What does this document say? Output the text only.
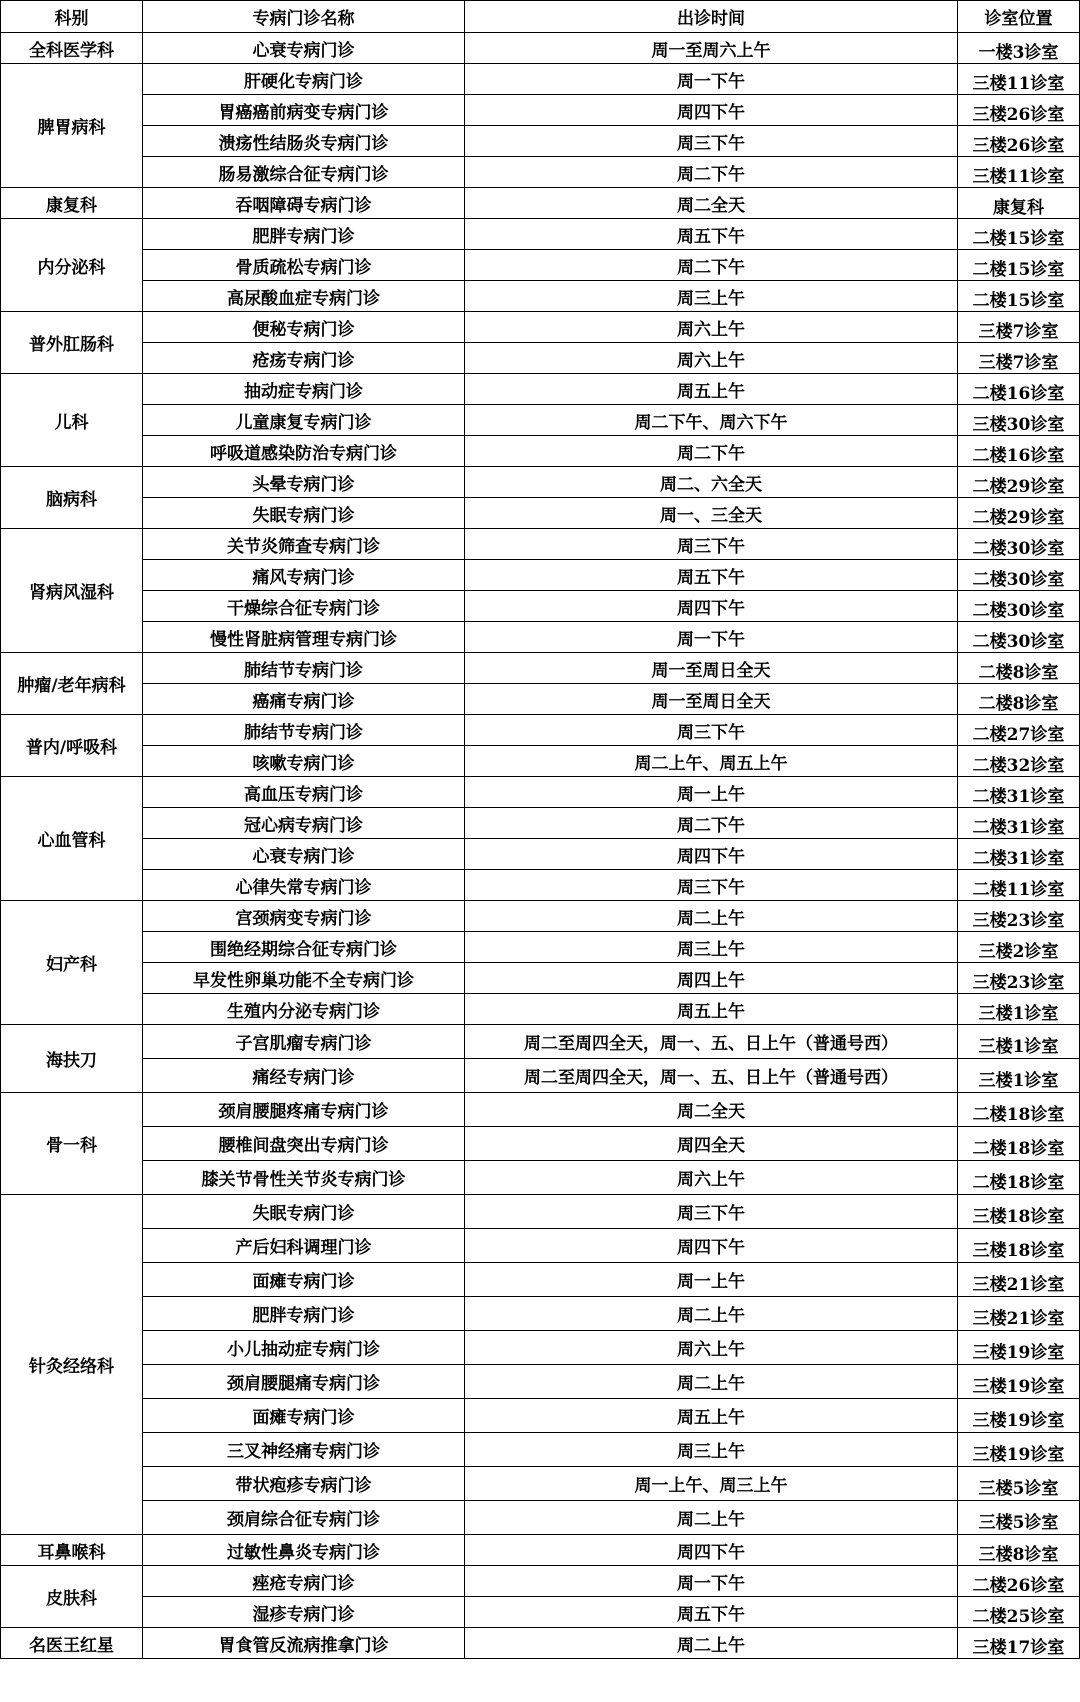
科别	专病门诊名称	出诊时间	诊室位置
全科医学科	心衰专病门诊	周一至周六上午	一楼3诊室
脾胃病科	肝硬化专病门诊	周一下午	三楼11诊室
	胃癌癌前病变专病门诊	周四下午	三楼26诊室
	溃疡性结肠炎专病门诊	周三下午	三楼26诊室
	肠易激综合征专病门诊	周二下午	三楼11诊室
康复科	吞咽障碍专病门诊	周二全天	康复科
内分泌科	肥胖专病门诊	周五下午	二楼15诊室
	骨质疏松专病门诊	周二下午	二楼15诊室
	高尿酸血症专病门诊	周三上午	二楼15诊室
普外肛肠科	便秘专病门诊	周六上午	三楼7诊室
	疮疡专病门诊	周六上午	三楼7诊室
儿科	抽动症专病门诊	周五上午	二楼16诊室
	儿童康复专病门诊	周二下午、周六下午	三楼30诊室
	呼吸道感染防治专病门诊	周二下午	二楼16诊室
脑病科	头晕专病门诊	周二、六全天	二楼29诊室
	失眠专病门诊	周一、三全天	二楼29诊室
肾病风湿科	关节炎筛查专病门诊	周三下午	二楼30诊室
	痛风专病门诊	周五下午	二楼30诊室
	干燥综合征专病门诊	周四下午	二楼30诊室
	慢性肾脏病管理专病门诊	周一下午	二楼30诊室
肿瘤/老年病科	肺结节专病门诊	周一至周日全天	二楼8诊室
	癌痛专病门诊	周一至周日全天	二楼8诊室
普内/呼吸科	肺结节专病门诊	周三下午	二楼27诊室
	咳嗽专病门诊	周二上午、周五上午	二楼32诊室
心血管科	高血压专病门诊	周一上午	二楼31诊室
	冠心病专病门诊	周二下午	二楼31诊室
	心衰专病门诊	周四下午	二楼31诊室
	心律失常专病门诊	周三下午	二楼11诊室
妇产科	宫颈病变专病门诊	周二上午	三楼23诊室
	围绝经期综合征专病门诊	周三上午	三楼2诊室
	早发性卵巢功能不全专病门诊	周四上午	三楼23诊室
	生殖内分泌专病门诊	周五上午	三楼1诊室
海扶刀	子宫肌瘤专病门诊	周二至周四全天，周一、五、日上午（普通号西）	三楼1诊室
	痛经专病门诊	周二至周四全天，周一、五、日上午（普通号西）	三楼1诊室
骨一科	颈肩腰腿疼痛专病门诊	周二全天	二楼18诊室
	腰椎间盘突出专病门诊	周四全天	二楼18诊室
	膝关节骨性关节炎专病门诊	周六上午	二楼18诊室
针灸经络科	失眠专病门诊	周三下午	三楼18诊室
	产后妇科调理门诊	周四下午	三楼18诊室
	面瘫专病门诊	周一上午	三楼21诊室
	肥胖专病门诊	周二上午	三楼21诊室
	小儿抽动症专病门诊	周六上午	三楼19诊室
	颈肩腰腿痛专病门诊	周二上午	三楼19诊室
	面瘫专病门诊	周五上午	三楼19诊室
	三叉神经痛专病门诊	周三上午	三楼19诊室
	带状疱疹专病门诊	周一上午、周三上午	三楼5诊室
	颈肩综合征专病门诊	周二上午	三楼5诊室
耳鼻喉科	过敏性鼻炎专病门诊	周四下午	三楼8诊室
皮肤科	痤疮专病门诊	周一下午	二楼26诊室
	湿疹专病门诊	周五下午	二楼25诊室
名医王红星	胃食管反流病推拿门诊	周二上午	三楼17诊室
